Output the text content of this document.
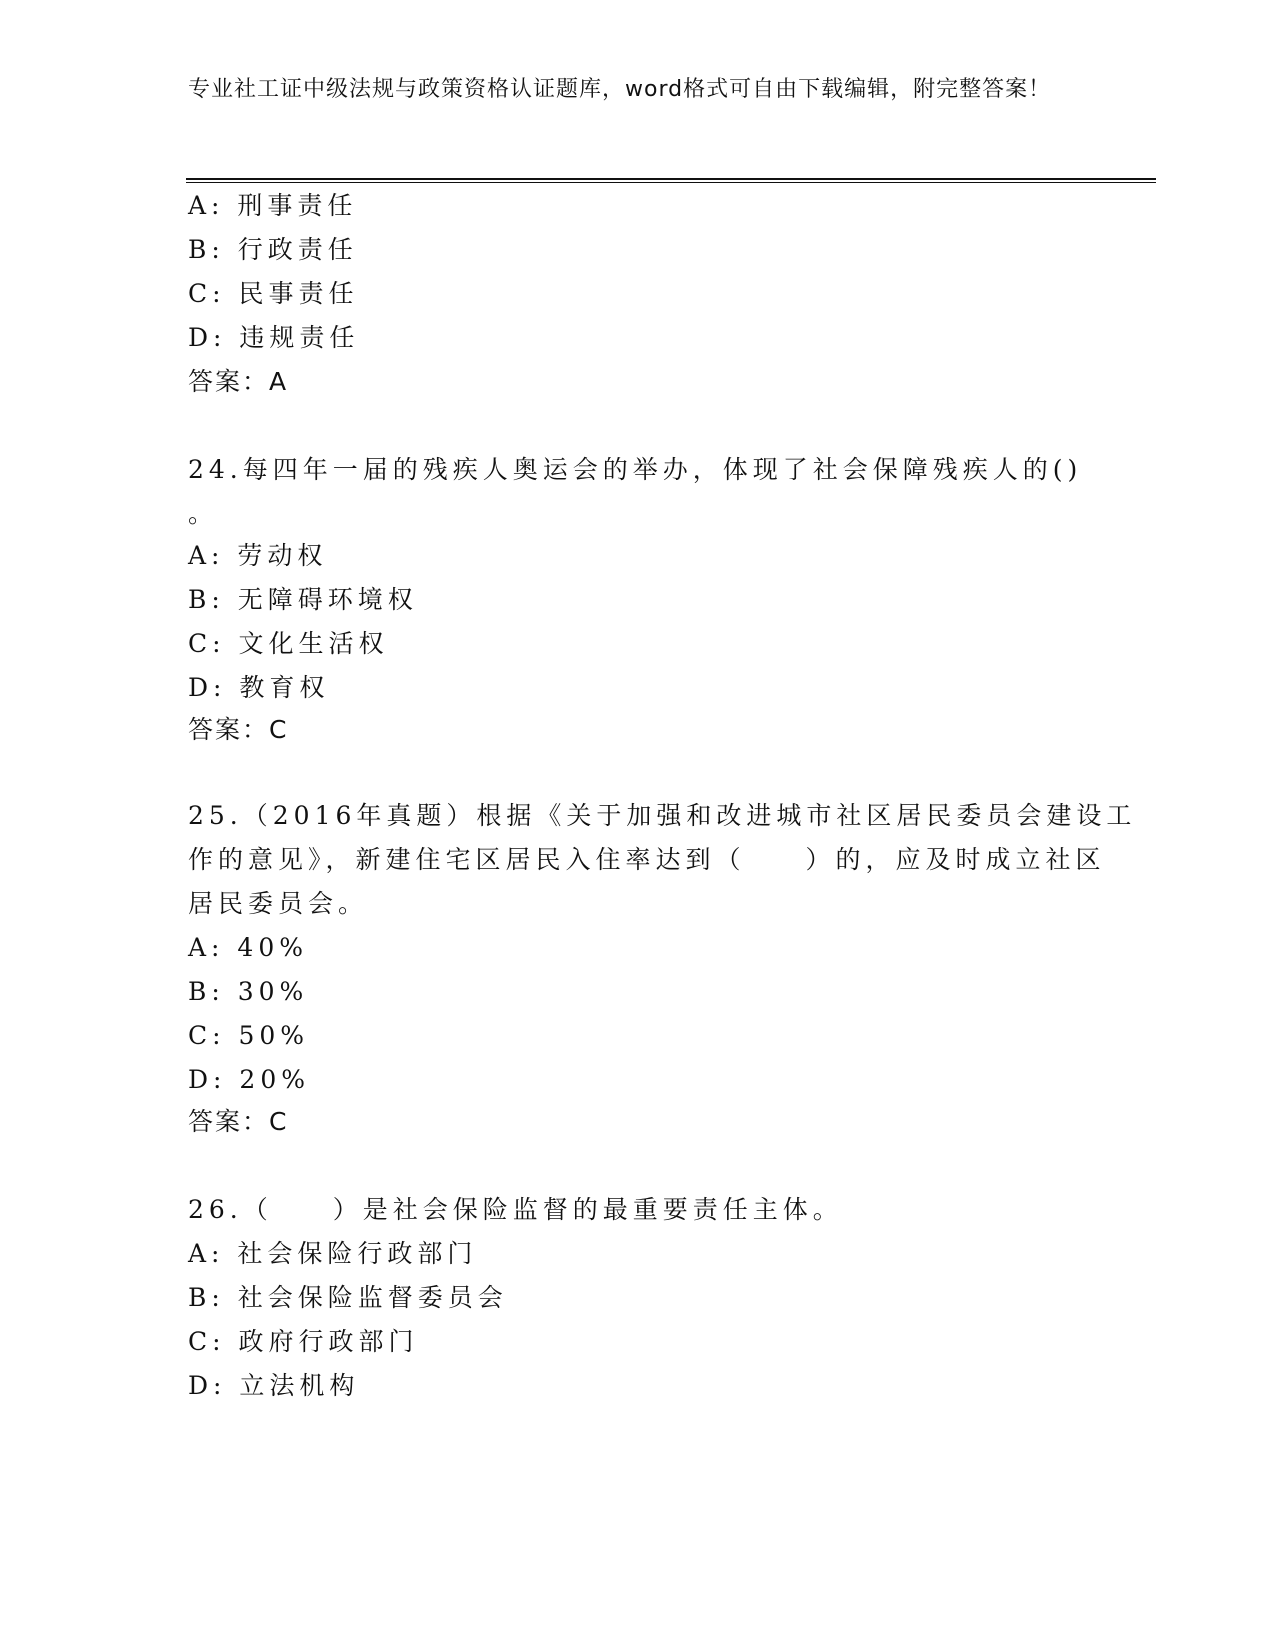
专业社工证中级法规与政策资格认证题库，word格式可自由下载编辑，附完整答案！
A: 刑事责任
B: 行政责任
C: 民事责任
D: 违规责任
答案：A
24.每四年一届的残疾人奥运会的举办，体现了社会保障残疾人的()
。
A: 劳动权
B: 无障碍环境权
C: 文化生活权
D: 教育权
答案：C
25.（2016年真题）根据《关于加强和改进城市社区居民委员会建设工
作的意见》，新建住宅区居民入住率达到（　　）的，应及时成立社区
居民委员会。
A: 40%
B: 30%
C: 50%
D: 20%
答案：C
26.（　　）是社会保险监督的最重要责任主体。
A: 社会保险行政部门
B: 社会保险监督委员会
C: 政府行政部门
D: 立法机构
